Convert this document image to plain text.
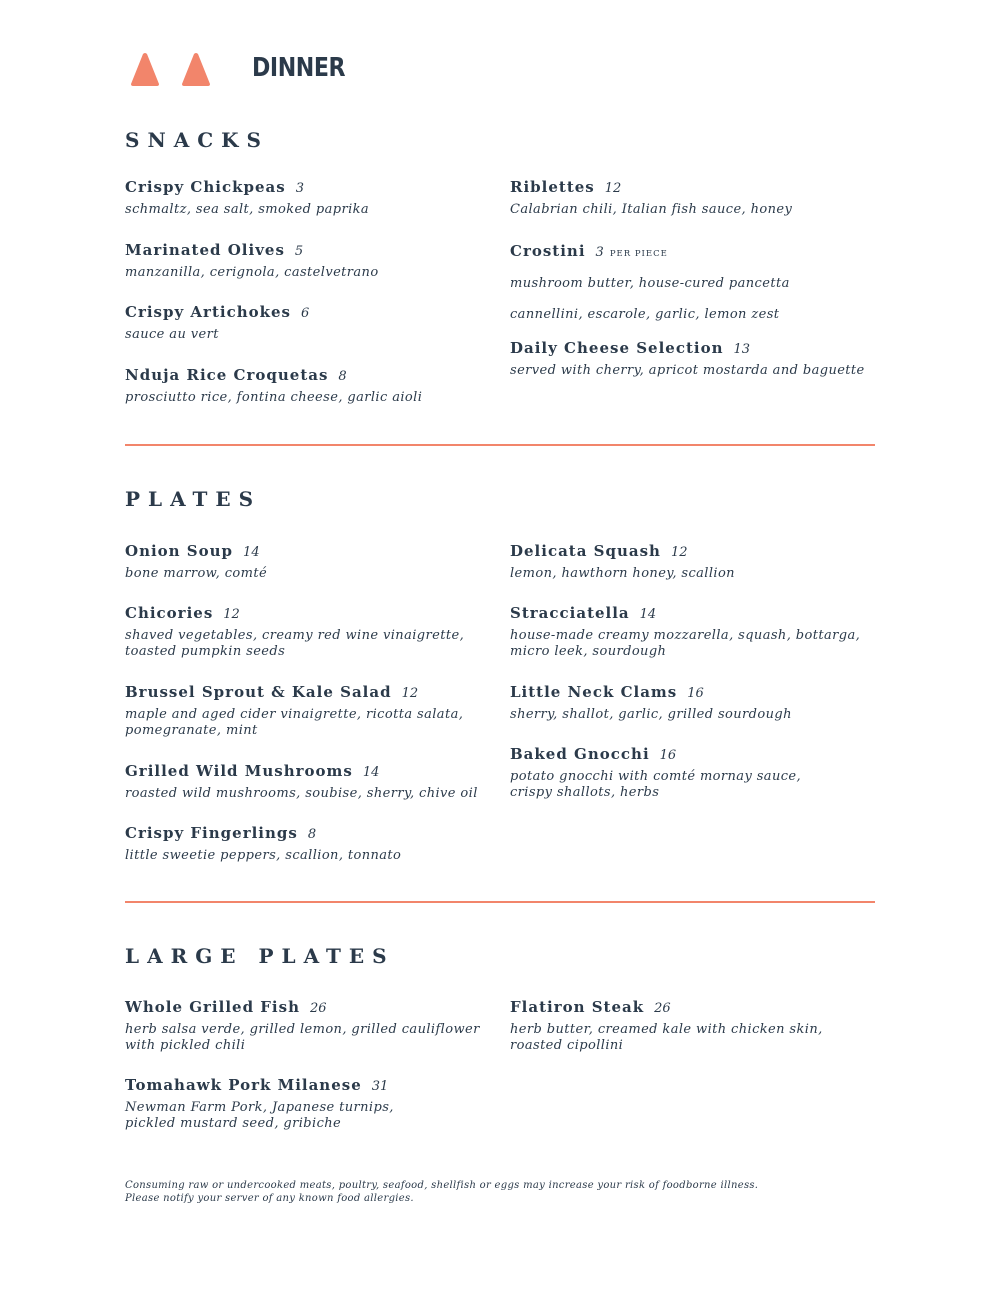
DINNER
SNACKS
Crispy Chickpeas 3
schmaltz, sea salt, smoked paprika
Marinated Olives 5
manzanilla, cerignola, castelvetrano
Crispy Artichokes 6
sauce au vert
Nduja Rice Croquetas 8
prosciutto rice, fontina cheese, garlic aioli
Riblettes 12
Calabrian chili, Italian fish sauce, honey
Crostini 3 PER PIECE
mushroom butter, house-cured pancetta
cannellini, escarole, garlic, lemon zest
Daily Cheese Selection 13
served with cherry, apricot mostarda and baguette
PLATES
Onion Soup 14
bone marrow, comté
Chicories 12
shaved vegetables, creamy red wine vinaigrette,
toasted pumpkin seeds
Brussel Sprout & Kale Salad 12
maple and aged cider vinaigrette, ricotta salata,
pomegranate, mint
Grilled Wild Mushrooms 14
roasted wild mushrooms, soubise, sherry, chive oil
Crispy Fingerlings 8
little sweetie peppers, scallion, tonnato
Delicata Squash 12
lemon, hawthorn honey, scallion
Stracciatella 14
house-made creamy mozzarella, squash, bottarga,
micro leek, sourdough
Little Neck Clams 16
sherry, shallot, garlic, grilled sourdough
Baked Gnocchi 16
potato gnocchi with comté mornay sauce,
crispy shallots, herbs
LARGE PLATES
Whole Grilled Fish 26
herb salsa verde, grilled lemon, grilled cauliflower
with pickled chili
Tomahawk Pork Milanese 31
Newman Farm Pork, Japanese turnips,
pickled mustard seed, gribiche
Flatiron Steak 26
herb butter, creamed kale with chicken skin,
roasted cipollini
Consuming raw or undercooked meats, poultry, seafood, shellfish or eggs may increase your risk of foodborne illness.
Please notify your server of any known food allergies.
